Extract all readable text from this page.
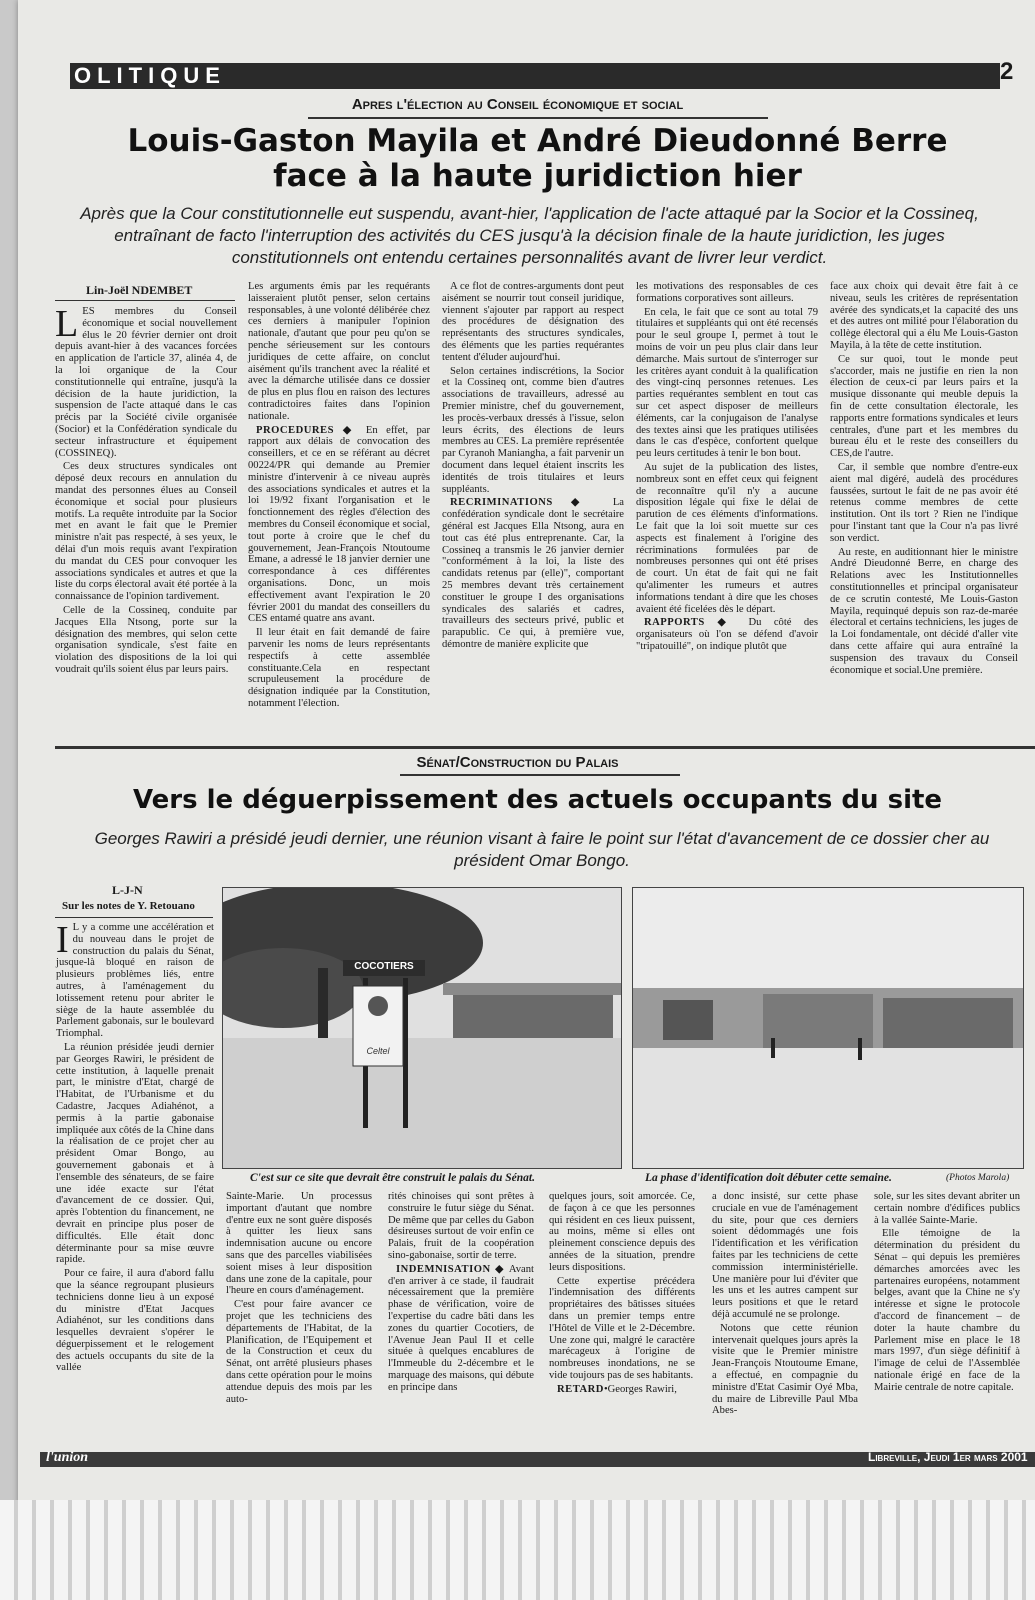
OLITIQUE	2
Apres l'élection au Conseil économique et social
Louis-Gaston Mayila et André Dieudonné Berre
face à la haute juridiction hier
Après que la Cour constitutionnelle eut suspendu, avant-hier, l'application de l'acte attaqué par la Socior et la Cossineq, entraînant de facto l'interruption des activités du CES jusqu'à la décision finale de la haute juridiction, les juges constitutionnels ont entendu certaines personnalités avant de livrer leur verdict.
Lin-Joël NDEMBET

LES membres du Conseil économique et social nouvellement élus le 20 février dernier ont droit depuis avant-hier à des vacances forcées en application de l'article 37, alinéa 4, de la loi organique de la Cour constitutionnelle qui entraîne, jusqu'à la décision de la haute juridiction, la suspension de l'acte attaqué dans le cas précis par la Société civile organisée (Socior) et la Confédération syndicale du secteur infrastructure et équipement (COSSINEQ).

Ces deux structures syndicales ont déposé deux recours en annulation du mandat des personnes élues au Conseil économique et social pour plusieurs motifs. La requête introduite par la Socior met en avant le fait que le Premier ministre n'ait pas respecté, à ses yeux, le délai d'un mois requis avant l'expiration du mandat du CES pour convoquer les associations syndicales et autres et que la liste du corps électoral avait été portée à la connaissance de l'opinion tardivement.

Celle de la Cossineq, conduite par Jacques Ella Ntsong, porte sur la désignation des membres, qui selon cette organisation syndicale, s'est faite en violation des dispositions de la loi qui voudrait qu'ils soient élus par leurs pairs.

Les arguments émis par les requérants laisseraient plutôt penser, selon certains responsables, à une volonté délibérée chez ces derniers à manipuler l'opinion nationale, d'autant que pour peu qu'on se penche sérieusement sur les contours juridiques de cette affaire, on conclut aisément qu'ils tranchent avec la réalité et avec la démarche utilisée dans ce dossier de plus en plus flou en raison des lectures contradictoires faites dans l'opinion nationale.

PROCEDURES ◆ En effet, par rapport aux délais de convocation des conseillers, et ce en se référant au décret 00224/PR qui demande au Premier ministre d'intervenir à ce niveau auprès des associations syndicales et autres et la loi 19/92 fixant l'organisation et le fonctionnement des règles d'élection des membres du Conseil économique et social, tout porte à croire que le chef du gouvernement, Jean-François Ntoutoume Emane, a adressé le 18 janvier dernier une correspondance à ces différentes organisations. Donc, un mois effectivement avant l'expiration le 20 février 2001 du mandat des conseillers du CES entamé quatre ans avant.

Il leur était en fait demandé de faire parvenir les noms de leurs représentants respectifs à cette assemblée constituante.Cela en respectant scrupuleusement la procédure de désignation indiquée par la Constitution, notamment l'élection.

A ce flot de contres-arguments dont peut aisément se nourrir tout conseil juridique, viennent s'ajouter par rapport au respect des procédures de désignation des représentants des structures syndicales, des éléments que les parties requérantes tentent d'éluder aujourd'hui.

Selon certaines indiscrétions, la Socior et la Cossineq ont, comme bien d'autres associations de travailleurs, adressé au Premier ministre, chef du gouvernement, les procès-verbaux dressés à l'issue, selon leurs écrits, des élections de leurs membres au CES. La première représentée par Cyranoh Maniangha, a fait parvenir un document dans lequel étaient inscrits les identités de trois titulaires et leurs suppléants.

RECRIMINATIONS ◆ La confédération syndicale dont le secrétaire général est Jacques Ella Ntsong, aura en tout cas été plus entreprenante. Car, la Cossineq a transmis le 26 janvier dernier "conformément à la loi, la liste des candidats retenus par (elle)", comportant 25 membres devant très certainement constituer le groupe I des organisations syndicales des salariés et cadres, travailleurs des secteurs privé, public et parapublic. Ce qui, à première vue, démontre de manière explicite que

les motivations des responsables de ces formations corporatives sont ailleurs.

En cela, le fait que ce sont au total 79 titulaires et suppléants qui ont été recensés pour le seul groupe I, permet à tout le moins de voir un peu plus clair dans leur démarche. Mais surtout de s'interroger sur les critères ayant conduit à la qualification des vingt-cinq personnes retenues. Les parties requérantes semblent en tout cas sur cet aspect disposer de meilleurs éléments, car la conjugaison de l'analyse des textes ainsi que les pratiques utilisées dans le cas d'espèce, confortent quelque peu leurs certitudes à tenir le bon bout.

Au sujet de la publication des listes, nombreux sont en effet ceux qui feignent de reconnaître qu'il n'y a aucune disposition légale qui fixe le délai de parution de ces éléments d'informations. Le fait que la loi soit muette sur ces aspects est finalement à l'origine des récriminations formulées par de nombreuses personnes qui ont été prises de court. Un état de fait qui ne fait qu'alimenter les rumeurs et autres informations tendant à dire que les choses avaient été ficelées dès le départ.

RAPPORTS ◆ Du côté des organisateurs où l'on se défend d'avoir "tripatouillé", on indique plutôt que

face aux choix qui devait être fait à ce niveau, seuls les critères de représentation avérée des syndicats,et la capacité des uns et des autres ont milité pour l'élaboration du collège électoral qui a élu Me Louis-Gaston Mayila, à la tête de cette institution.

Ce sur quoi, tout le monde peut s'accorder, mais ne justifie en rien la non élection de ceux-ci par leurs pairs et la musique dissonante qui meuble depuis la fin de cette consultation électorale, les rapports entre formations syndicales et leurs centrales, d'une part et les membres du bureau élu et le reste des conseillers du CES,de l'autre.

Car, il semble que nombre d'entre-eux aient mal digéré, audelà des procédures faussées, surtout le fait de ne pas avoir été retenus comme membres de cette institution. Ont ils tort ? Rien ne l'indique pour l'instant tant que la Cour n'a pas livré son verdict.

Au reste, en auditionnant hier le ministre André Dieudonné Berre, en charge des Relations avec les Institutionnelles constitutionnelles et principal organisateur de ce scrutin contesté, Me Louis-Gaston Mayila, requinqué depuis son raz-de-marée électoral et certains techniciens, les juges de la Loi fondamentale, ont décidé d'aller vite dans cette affaire qui aura entraîné la suspension des travaux du Conseil économique et social.Une première.

Sénat/Construction du Palais
Vers le déguerpissement des actuels occupants du site
Georges Rawiri a présidé jeudi dernier, une réunion visant à faire le point sur l'état d'avancement de ce dossier cher au président Omar Bongo.
L-J-N
Sur les notes de Y. Retouano

I L y a comme une accélération et du nouveau dans le projet de construction du palais du Sénat, jusque-là bloqué en raison de plusieurs problèmes liés, entre autres, à l'aménagement du lotissement retenu pour abriter le siège de la haute assemblée du Parlement gabonais, sur le boulevard Triomphal.

La réunion présidée jeudi dernier par Georges Rawiri, le président de cette institution, à laquelle prenait part, le ministre d'Etat, chargé de l'Habitat, de l'Urbanisme et du Cadastre, Jacques Adiahénot, a permis à la partie gabonaise impliquée aux côtés de la Chine dans la réalisation de ce projet cher au président Omar Bongo, au gouvernement gabonais et à l'ensemble des sénateurs, de se faire une idée exacte sur l'état d'avancement de ce dossier. Qui, après l'obtention du financement, ne devrait en principe plus poser de difficultés. Elle était donc déterminante pour sa mise œuvre rapide.

Pour ce faire, il aura d'abord fallu que la séance regroupant plusieurs techniciens donne lieu à un exposé du ministre d'Etat Jacques Adiahénot, sur les conditions dans lesquelles devraient s'opérer le déguerpissement et le relogement des actuels occupants du site de la vallée

COCOTIERS
Celtel
C'est sur ce site que devrait être construit le palais du Sénat.	La phase d'identification doit débuter cette semaine.	(Photos Marola)

Sainte-Marie. Un processus important d'autant que nombre d'entre eux ne sont guère disposés à quitter les lieux sans indemnisation aucune ou encore sans que des parcelles viabilisées soient mises à leur disposition dans une zone de la capitale, pour l'heure en cours d'aménagement.

C'est pour faire avancer ce projet que les techniciens des départements de l'Habitat, de la Planification, de l'Equipement et de la Construction et ceux du Sénat, ont arrêté plusieurs phases dans cette opération pour le moins attendue depuis des mois par les auto-

rités chinoises qui sont prêtes à construire le futur siège du Sénat. De même que par celles du Gabon désireuses surtout de voir enfin ce Palais, fruit de la coopération sino-gabonaise, sortir de terre.

INDEMNISATION ◆ Avant d'en arriver à ce stade, il faudrait nécessairement que la première phase de vérification, voire de l'expertise du cadre bâti dans les zones du quartier Cocotiers, de l'Avenue Jean Paul II et celle située à quelques encablures de l'Immeuble du 2-décembre et le marquage des maisons, qui débute en principe dans

quelques jours, soit amorcée. Ce, de façon à ce que les personnes qui résident en ces lieux puissent, au moins, même si elles ont pleinement conscience depuis des années de la situation, prendre leurs dispositions.

Cette expertise précédera l'indemnisation des différents propriétaires des bâtisses situées dans un premier temps entre l'Hôtel de Ville et le 2-Décembre. Une zone qui, malgré le caractère marécageux à l'origine de nombreuses inondations, ne se vide toujours pas de ses habitants.

RETARD•Georges Rawiri,

a donc insisté, sur cette phase cruciale en vue de l'aménagement du site, pour que ces derniers soient dédommagés une fois l'identification et les vérification faites par les techniciens de cette commission interministérielle. Une manière pour lui d'éviter que les uns et les autres campent sur leurs positions et que le retard déjà accumulé ne se prolonge.

Notons que cette réunion intervenait quelques jours après la visite que le Premier ministre Jean-François Ntoutoume Emane, a effectué, en compagnie du ministre d'Etat Casimir Oyé Mba, du maire de Libreville Paul Mba Abes-

sole, sur les sites devant abriter un certain nombre d'édifices publics à la vallée Sainte-Marie.

Elle témoigne de la détermination du président du Sénat – qui depuis les premières démarches amorcées avec les partenaires européens, notamment belges, avant que la Chine ne s'y intéresse et signe le protocole d'accord de financement – de doter la haute chambre du Parlement mise en place le 18 mars 1997, d'un siège définitif à l'image de celui de l'Assemblée nationale érigé en face de la Mairie centrale de notre capitale.

l'union	Libreville, Jeudi 1er mars 2001
